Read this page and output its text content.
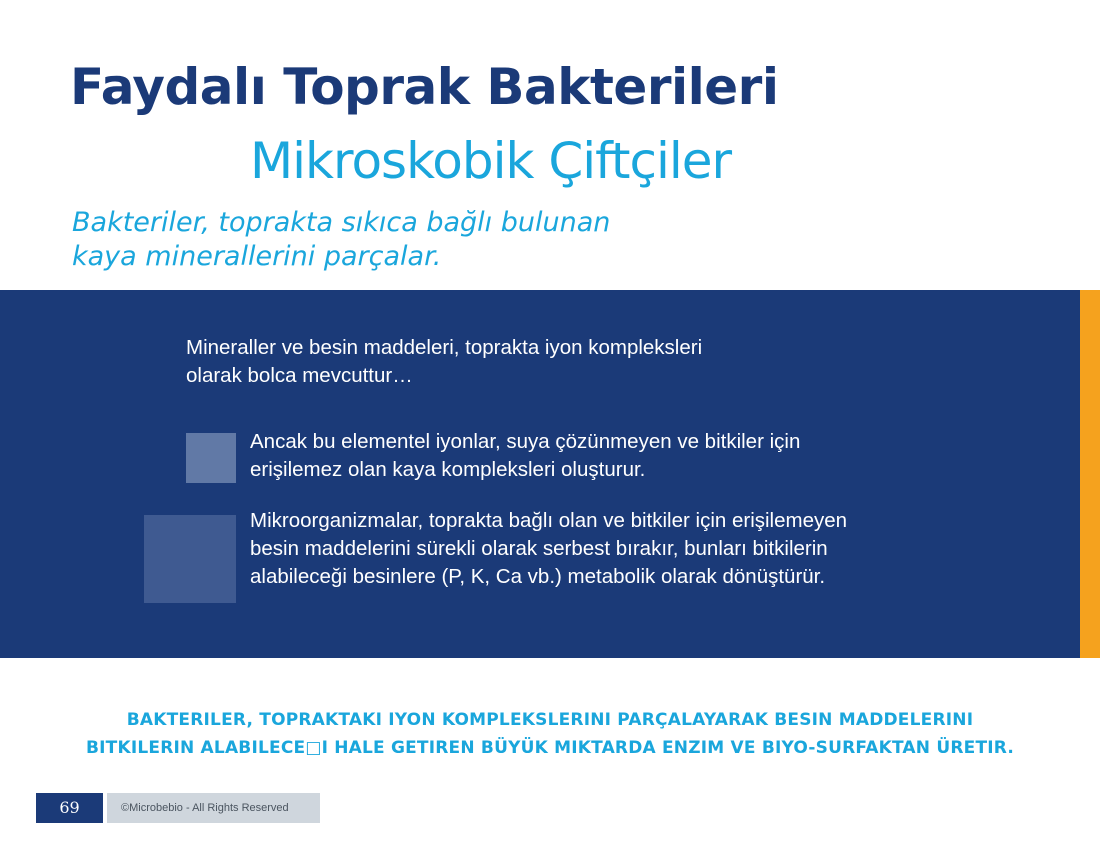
Faydalı Toprak Bakterileri
Mikroskobik Çiftçiler
Bakteriler, toprakta sıkıca bağlı bulunan
kaya minerallerini parçalar.
Mineraller ve besin maddeleri, toprakta iyon kompleksleri
olarak bolca mevcuttur…
Ancak bu elementel iyonlar, suya çözünmeyen ve bitkiler için
erişilemez olan kaya kompleksleri oluşturur.
Mikroorganizmalar, toprakta bağlı olan ve bitkiler için erişilemeyen
besin maddelerini sürekli olarak serbest bırakır, bunları bitkilerin
alabileceği besinlere (P, K, Ca vb.) metabolik olarak dönüştürür.
BAKTERILER, TOPRAKTAKI IYON KOMPLEKSLERINI PARÇALAYARAK BESIN MADDELERINI
BITKILERIN ALABILECE□I HALE GETIREN BÜYÜK MIKTARDA ENZIM VE BIYO-SURFAKTAN ÜRETIR.
69	©Microbebio - All Rights Reserved
